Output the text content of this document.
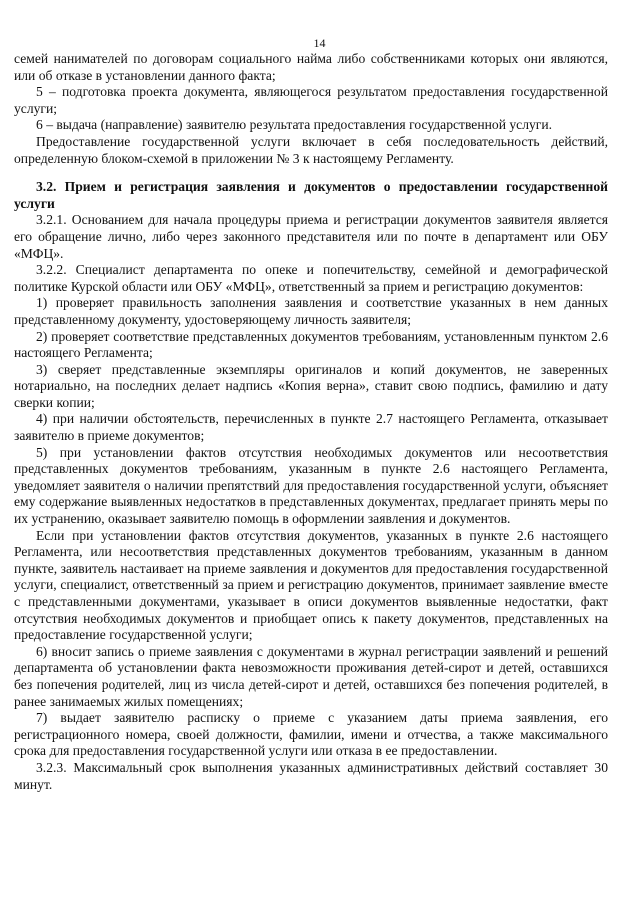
14

семей нанимателей по договорам социального найма либо собственниками которых они являются, или об отказе в установлении данного факта;

5 – подготовка проекта документа, являющегося результатом предоставления государственной услуги;

6 – выдача (направление) заявителю результата предоставления государственной услуги.

Предоставление государственной услуги включает в себя последовательность действий, определенную блоком-схемой в приложении № 3 к настоящему Регламенту.

3.2. Прием и регистрация заявления и документов о предоставлении государственной услуги

3.2.1. Основанием для начала процедуры приема и регистрации документов заявителя является его обращение лично, либо через законного представителя или по почте в департамент или ОБУ «МФЦ».

3.2.2. Специалист департамента по опеке и попечительству, семейной и демографической политике Курской области или ОБУ «МФЦ», ответственный за прием и регистрацию документов:

1) проверяет правильность заполнения заявления и соответствие указанных в нем данных представленному документу, удостоверяющему личность заявителя;

2) проверяет соответствие представленных документов требованиям, установленным пунктом 2.6 настоящего Регламента;

3) сверяет представленные экземпляры оригиналов и копий документов, не заверенных нотариально, на последних делает надпись «Копия верна», ставит свою подпись, фамилию и дату сверки копии;

4) при наличии обстоятельств, перечисленных в пункте 2.7 настоящего Регламента, отказывает заявителю в приеме документов;

5) при установлении фактов отсутствия необходимых документов или несоответствия представленных документов требованиям, указанным в пункте 2.6 настоящего Регламента, уведомляет заявителя о наличии препятствий для предоставления государственной услуги, объясняет ему содержание выявленных недостатков в представленных документах, предлагает принять меры по их устранению, оказывает заявителю помощь в оформлении заявления и документов.

Если при установлении фактов отсутствия документов, указанных в пункте 2.6 настоящего Регламента, или несоответствия представленных документов требованиям, указанным в данном пункте, заявитель настаивает на приеме заявления и документов для предоставления государственной услуги, специалист, ответственный за прием и регистрацию документов, принимает заявление вместе с представленными документами, указывает в описи документов выявленные недостатки, факт отсутствия необходимых документов и приобщает опись к пакету документов, представленных на предоставление государственной услуги;

6) вносит запись о приеме заявления с документами в журнал регистрации заявлений и решений департамента об установлении факта невозможности проживания детей-сирот и детей, оставшихся без попечения родителей, лиц из числа детей-сирот и детей, оставшихся без попечения родителей, в ранее занимаемых жилых помещениях;

7) выдает заявителю расписку о приеме с указанием даты приема заявления, его регистрационного номера, своей должности, фамилии, имени и отчества, а также максимального срока для предоставления государственной услуги или отказа в ее предоставлении.

3.2.3. Максимальный срок выполнения указанных административных действий составляет 30 минут.
